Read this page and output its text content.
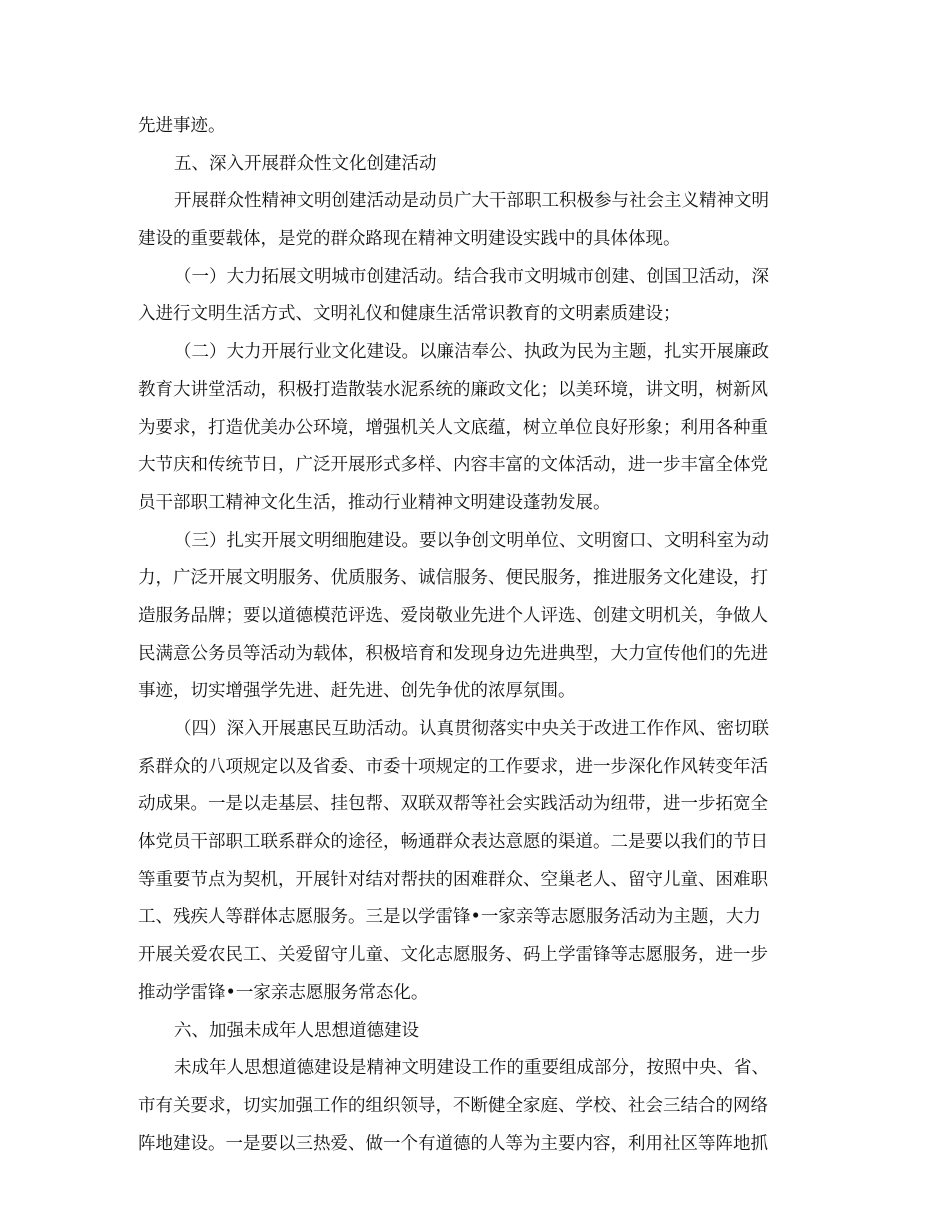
先进事迹。
五、深入开展群众性文化创建活动
开展群众性精神文明创建活动是动员广大干部职工积极参与社会主义精神文明
建设的重要载体，是党的群众路现在精神文明建设实践中的具体体现。
（一）大力拓展文明城市创建活动。结合我市文明城市创建、创国卫活动，深
入进行文明生活方式、文明礼仪和健康生活常识教育的文明素质建设；
（二）大力开展行业文化建设。以廉洁奉公、执政为民为主题，扎实开展廉政
教育大讲堂活动，积极打造散装水泥系统的廉政文化；以美环境，讲文明，树新风
为要求，打造优美办公环境，增强机关人文底蕴，树立单位良好形象；利用各种重
大节庆和传统节日，广泛开展形式多样、内容丰富的文体活动，进一步丰富全体党
员干部职工精神文化生活，推动行业精神文明建设蓬勃发展。
（三）扎实开展文明细胞建设。要以争创文明单位、文明窗口、文明科室为动
力，广泛开展文明服务、优质服务、诚信服务、便民服务，推进服务文化建设，打
造服务品牌；要以道德模范评选、爱岗敬业先进个人评选、创建文明机关，争做人
民满意公务员等活动为载体，积极培育和发现身边先进典型，大力宣传他们的先进
事迹，切实增强学先进、赶先进、创先争优的浓厚氛围。
（四）深入开展惠民互助活动。认真贯彻落实中央关于改进工作作风、密切联
系群众的八项规定以及省委、市委十项规定的工作要求，进一步深化作风转变年活
动成果。一是以走基层、挂包帮、双联双帮等社会实践活动为纽带，进一步拓宽全
体党员干部职工联系群众的途径，畅通群众表达意愿的渠道。二是要以我们的节日
等重要节点为契机，开展针对结对帮扶的困难群众、空巢老人、留守儿童、困难职
工、残疾人等群体志愿服务。三是以学雷锋•一家亲等志愿服务活动为主题，大力
开展关爱农民工、关爱留守儿童、文化志愿服务、码上学雷锋等志愿服务，进一步
推动学雷锋•一家亲志愿服务常态化。
六、加强未成年人思想道德建设
未成年人思想道德建设是精神文明建设工作的重要组成部分，按照中央、省、
市有关要求，切实加强工作的组织领导，不断健全家庭、学校、社会三结合的网络
阵地建设。一是要以三热爱、做一个有道德的人等为主要内容，利用社区等阵地抓
